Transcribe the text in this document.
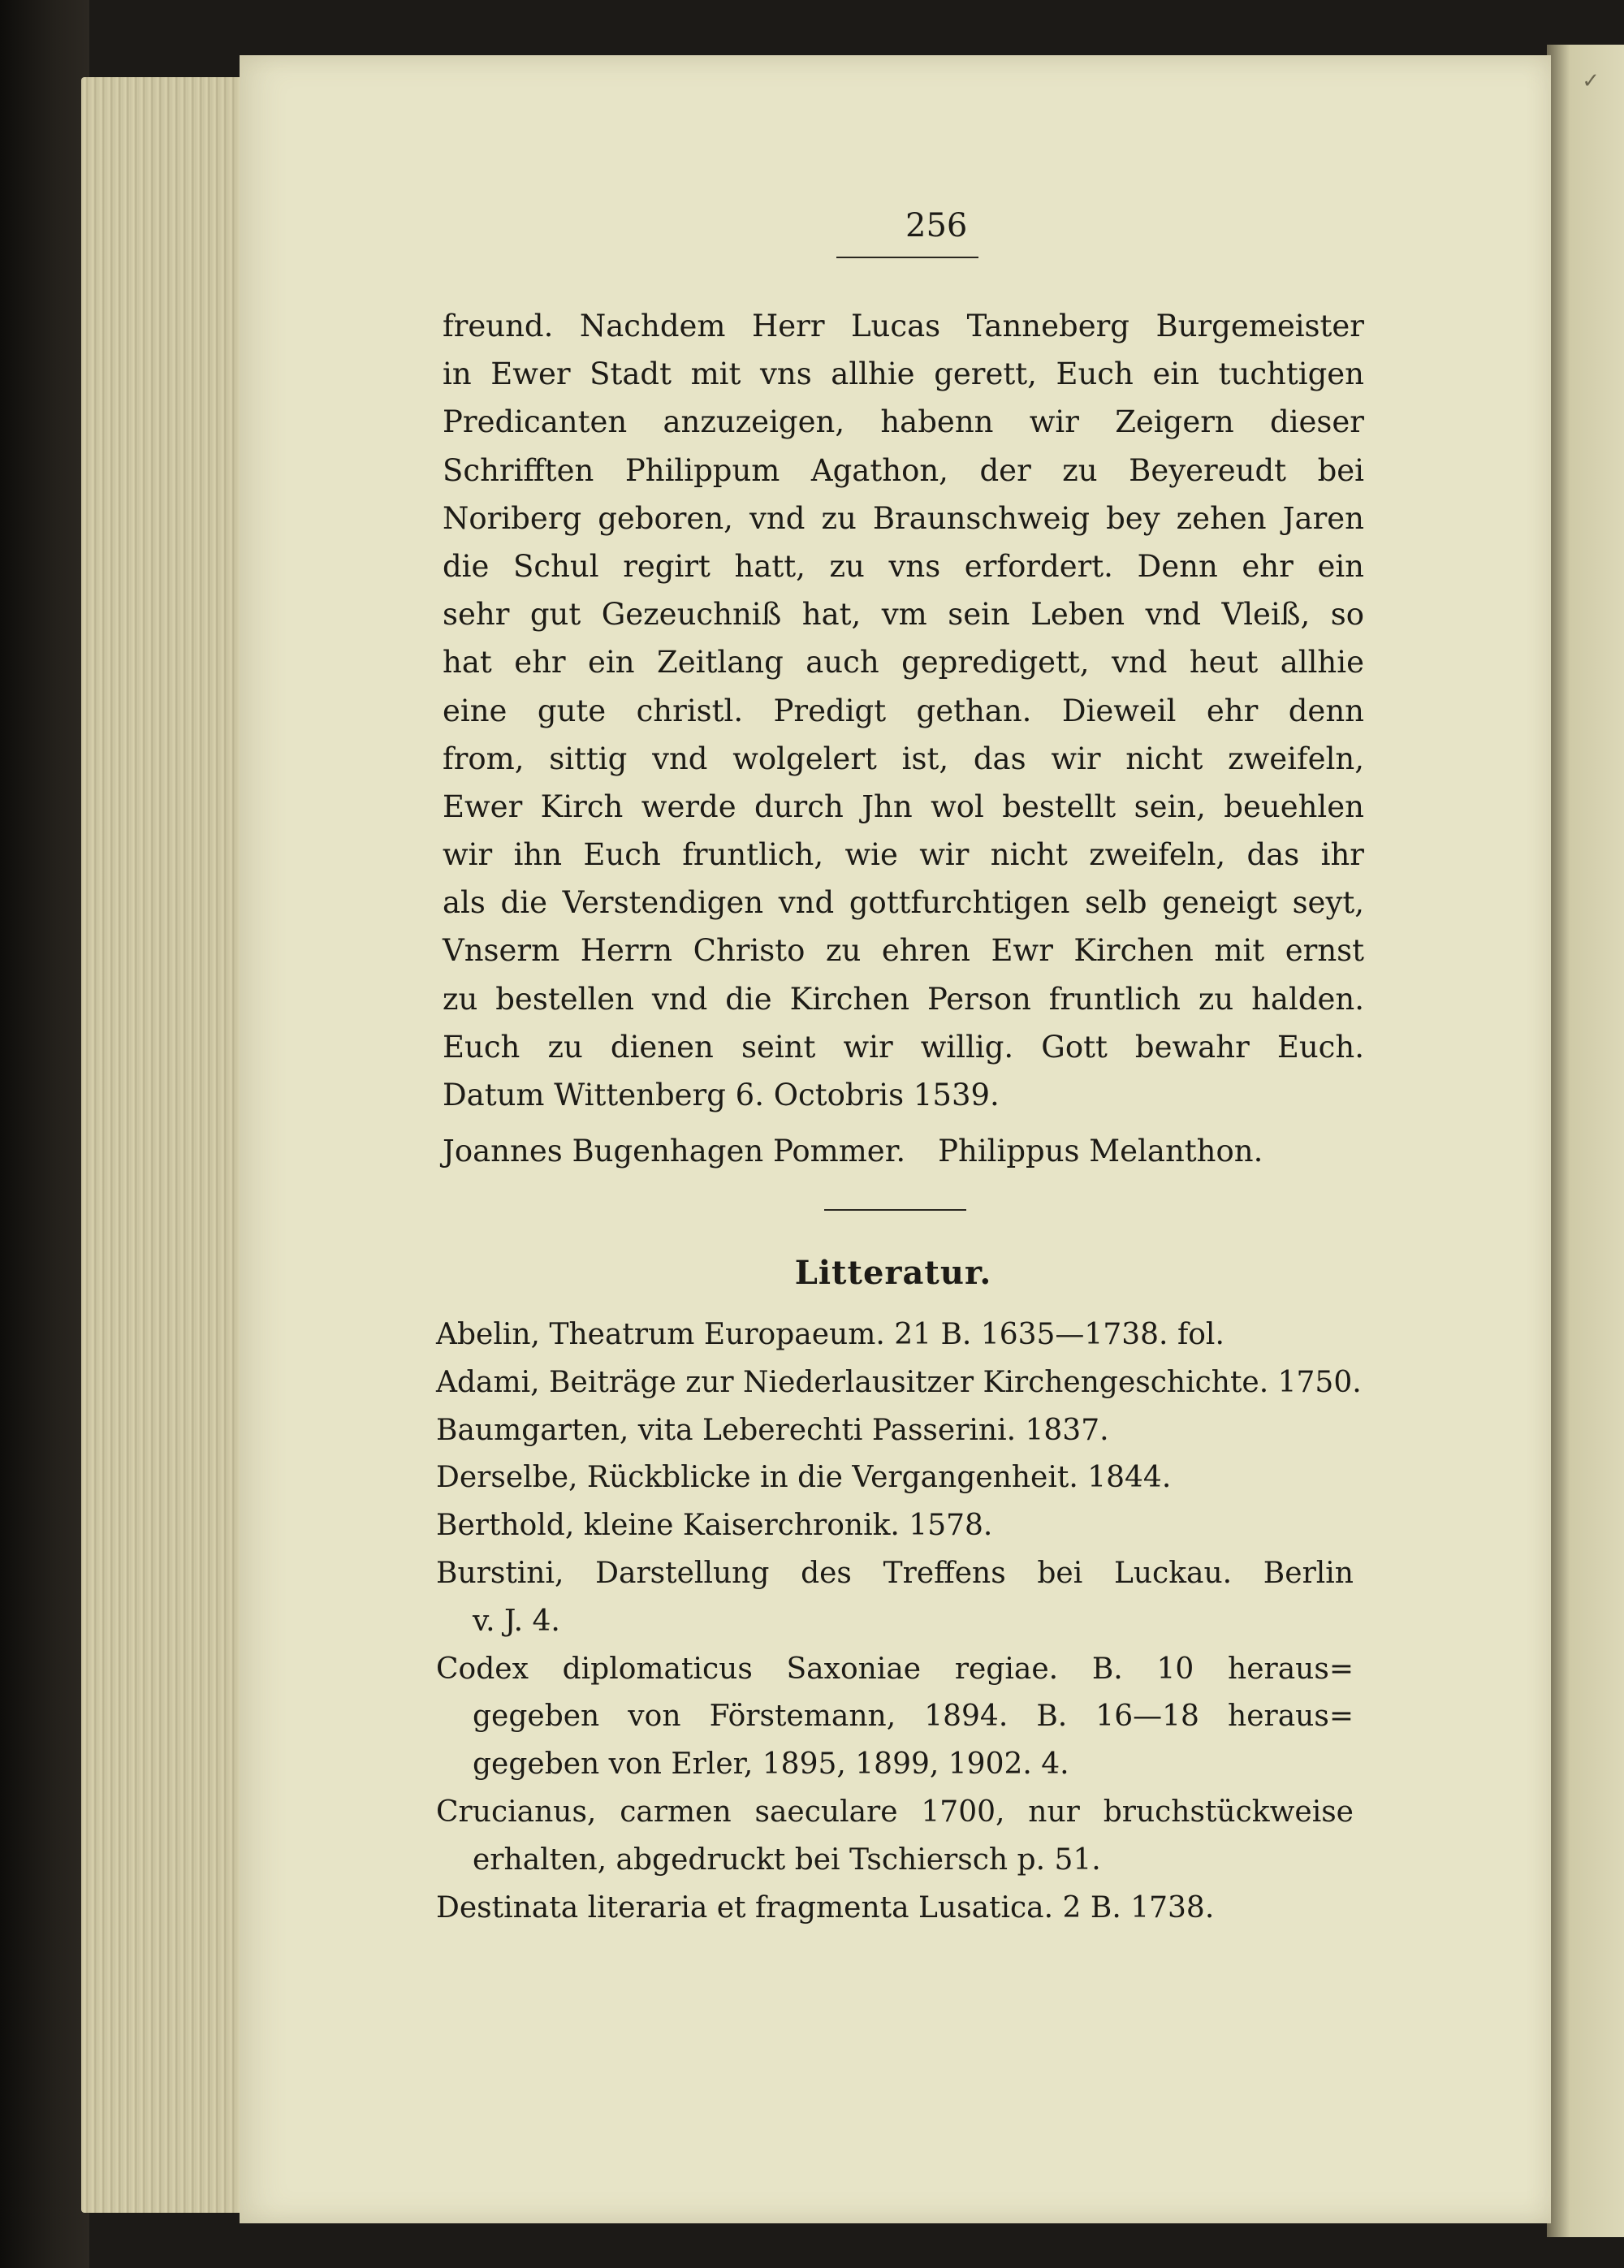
✓
256
freund. Nachdem Herr Lucas Tanneberg Burgemeister
in Ewer Stadt mit vns allhie gerett, Euch ein tuchtigen
Predicanten anzuzeigen, habenn wir Zeigern dieser
Schrifften Philippum Agathon, der zu Beyereudt bei
Noriberg geboren, vnd zu Braunschweig bey zehen Jaren
die Schul regirt hatt, zu vns erfordert. Denn ehr ein
sehr gut Gezeuchniß hat, vm sein Leben vnd Vleiß, so
hat ehr ein Zeitlang auch gepredigett, vnd heut allhie
eine gute christl. Predigt gethan. Dieweil ehr denn
from, sittig vnd wolgelert ist, das wir nicht zweifeln,
Ewer Kirch werde durch Jhn wol bestellt sein, beuehlen
wir ihn Euch fruntlich, wie wir nicht zweifeln, das ihr
als die Verstendigen vnd gottfurchtigen selb geneigt seyt,
Vnserm Herrn Christo zu ehren Ewr Kirchen mit ernst
zu bestellen vnd die Kirchen Person fruntlich zu halden.
Euch zu dienen seint wir willig. Gott bewahr Euch.
Datum Wittenberg 6. Octobris 1539.
Joannes Bugenhagen Pommer. Philippus Melanthon.
Litteratur.
Abelin, Theatrum Europaeum. 21 B. 1635—1738. fol.
Adami, Beiträge zur Niederlausitzer Kirchengeschichte. 1750.
Baumgarten, vita Leberechti Passerini. 1837.
Derselbe, Rückblicke in die Vergangenheit. 1844.
Berthold, kleine Kaiserchronik. 1578.
Burstini, Darstellung des Treffens bei Luckau. Berlin
v. J. 4.
Codex diplomaticus Saxoniae regiae. B. 10 heraus=
gegeben von Förstemann, 1894. B. 16—18 heraus=
gegeben von Erler, 1895, 1899, 1902. 4.
Crucianus, carmen saeculare 1700, nur bruchstückweise
erhalten, abgedruckt bei Tschiersch p. 51.
Destinata literaria et fragmenta Lusatica. 2 B. 1738.
